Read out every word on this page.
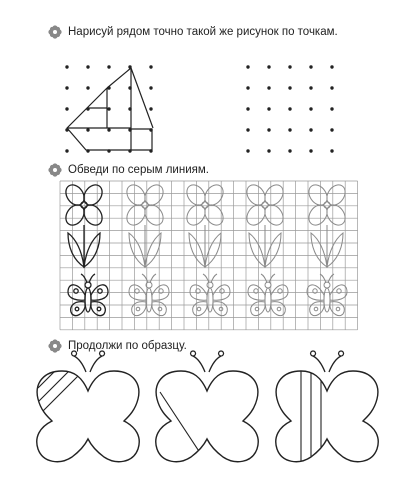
Нарисуй рядом точно такой же рисунок по точкам.
Обведи по серым линиям.
Продолжи по образцу.
